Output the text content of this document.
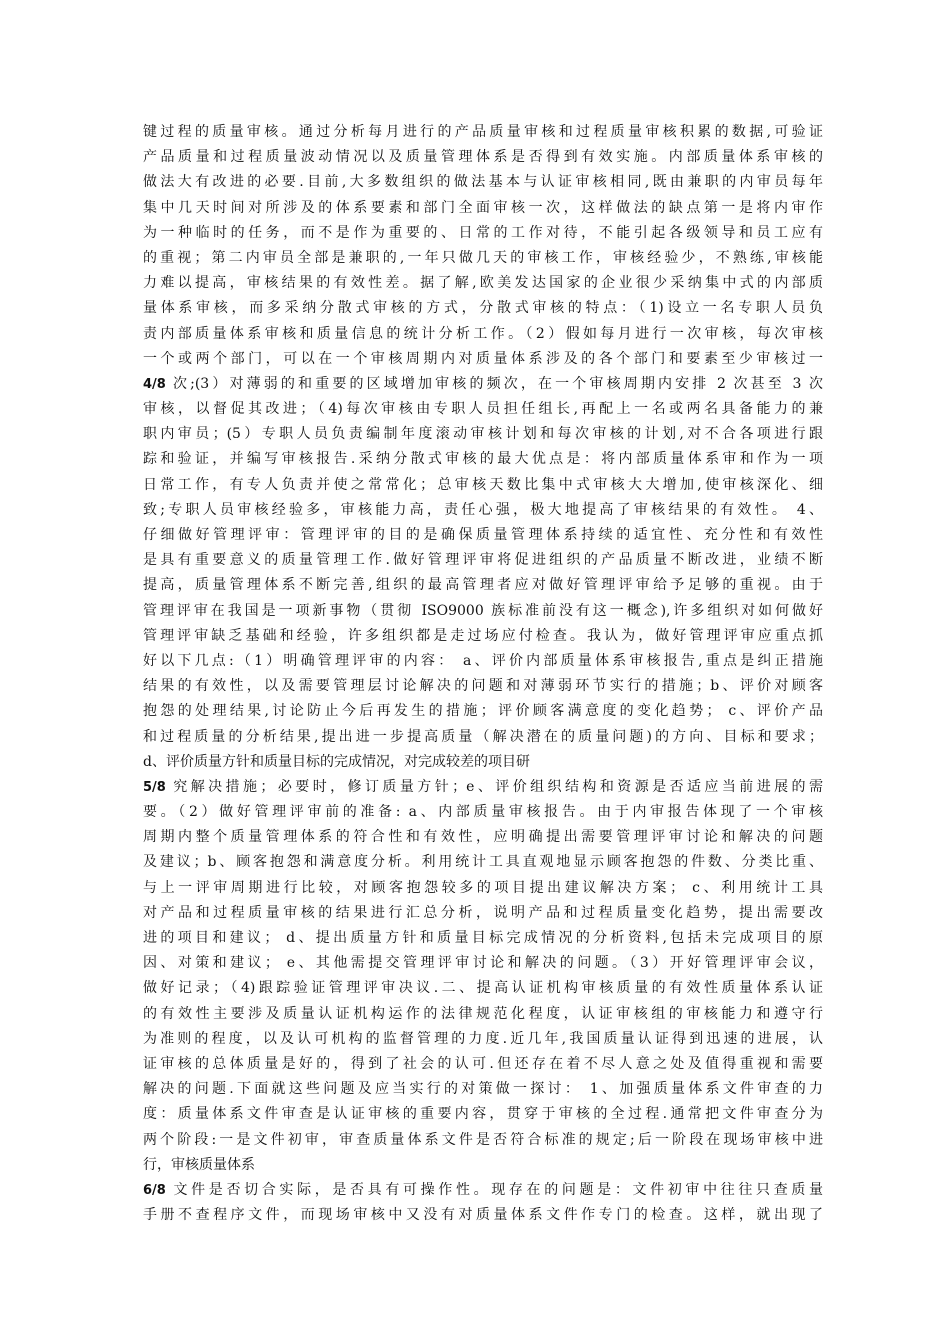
键过程的质量审核。通过分析每月进行的产品质量审核和过程质量审核积累的数据,可验证
产品质量和过程质量波动情况以及质量管理体系是否得到有效实施。内部质量体系审核的
做法大有改进的必要.目前,大多数组织的做法基本与认证审核相同,既由兼职的内审员每年
集中几天时间对所涉及的体系要素和部门全面审核一次，这样做法的缺点第一是将内审作
为一种临时的任务，而不是作为重要的、日常的工作对待，不能引起各级领导和员工应有
的重视；第二内审员全部是兼职的,一年只做几天的审核工作，审核经验少，不熟练,审核能
力难以提高，审核结果的有效性差。据了解,欧美发达国家的企业很少采纳集中式的内部质
量体系审核，而多采纳分散式审核的方式，分散式审核的特点：（1)设立一名专职人员负
责内部质量体系审核和质量信息的统计分析工作。（2）假如每月进行一次审核，每次审核
一个或两个部门，可以在一个审核周期内对质量体系涉及的各个部门和要素至少审核过一
4/8 次;(3）对薄弱的和重要的区域增加审核的频次，在一个审核周期内安排 2 次甚至 3 次
审核，以督促其改进；（4)每次审核由专职人员担任组长,再配上一名或两名具备能力的兼
职内审员；(5）专职人员负责编制年度滚动审核计划和每次审核的计划,对不合各项进行跟
踪和验证，并编写审核报告.采纳分散式审核的最大优点是：将内部质量体系审和作为一项
日常工作，有专人负责并使之常常化；总审核天数比集中式审核大大增加,使审核深化、细
致;专职人员审核经验多，审核能力高，责任心强，极大地提高了审核结果的有效性。 4、
仔细做好管理评审：管理评审的目的是确保质量管理体系持续的适宜性、充分性和有效性
是具有重要意义的质量管理工作.做好管理评审将促进组织的产品质量不断改进，业绩不断
提高，质量管理体系不断完善,组织的最高管理者应对做好管理评审给予足够的重视。由于
管理评审在我国是一项新事物（贯彻 ISO9000 族标准前没有这一概念),许多组织对如何做好
管理评审缺乏基础和经验，许多组织都是走过场应付检查。我认为，做好管理评审应重点抓
好以下几点:（1）明确管理评审的内容： a、评价内部质量体系审核报告,重点是纠正措施
结果的有效性，以及需要管理层讨论解决的问题和对薄弱环节实行的措施；b、评价对顾客
抱怨的处理结果,讨论防止今后再发生的措施；评价顾客满意度的变化趋势； c、评价产品
和过程质量的分析结果,提出进一步提高质量（解决潜在的质量问题)的方向、目标和要求；
d、评价质量方针和质量目标的完成情况，对完成较差的项目研
5/8 究解决措施；必要时，修订质量方针；e、评价组织结构和资源是否适应当前进展的需
要。（2）做好管理评审前的准备: a、内部质量审核报告。由于内审报告体现了一个审核
周期内整个质量管理体系的符合性和有效性，应明确提出需要管理评审讨论和解决的问题
及建议；b、顾客抱怨和满意度分析。利用统计工具直观地显示顾客抱怨的件数、分类比重、
与上一评审周期进行比较，对顾客抱怨较多的项目提出建议解决方案； c、利用统计工具
对产品和过程质量审核的结果进行汇总分析，说明产品和过程质量变化趋势，提出需要改
进的项目和建议； d、提出质量方针和质量目标完成情况的分析资料,包括未完成项目的原
因、对策和建议； e、其他需提交管理评审讨论和解决的问题。（3）开好管理评审会议，
做好记录；（4)跟踪验证管理评审决议.二、提高认证机构审核质量的有效性质量体系认证
的有效性主要涉及质量认证机构运作的法律规范化程度，认证审核组的审核能力和遵守行
为准则的程度，以及认可机构的监督管理的力度.近几年,我国质量认证得到迅速的进展，认
证审核的总体质量是好的，得到了社会的认可.但还存在着不尽人意之处及值得重视和需要
解决的问题.下面就这些问题及应当实行的对策做一探讨： 1、加强质量体系文件审查的力
度：质量体系文件审查是认证审核的重要内容，贯穿于审核的全过程.通常把文件审查分为
两个阶段:一是文件初审，审查质量体系文件是否符合标准的规定;后一阶段在现场审核中进
行，审核质量体系
6/8 文件是否切合实际，是否具有可操作性。现存在的问题是：文件初审中往往只查质量
手册不查程序文件，而现场审核中又没有对质量体系文件作专门的检查。这样，就出现了
